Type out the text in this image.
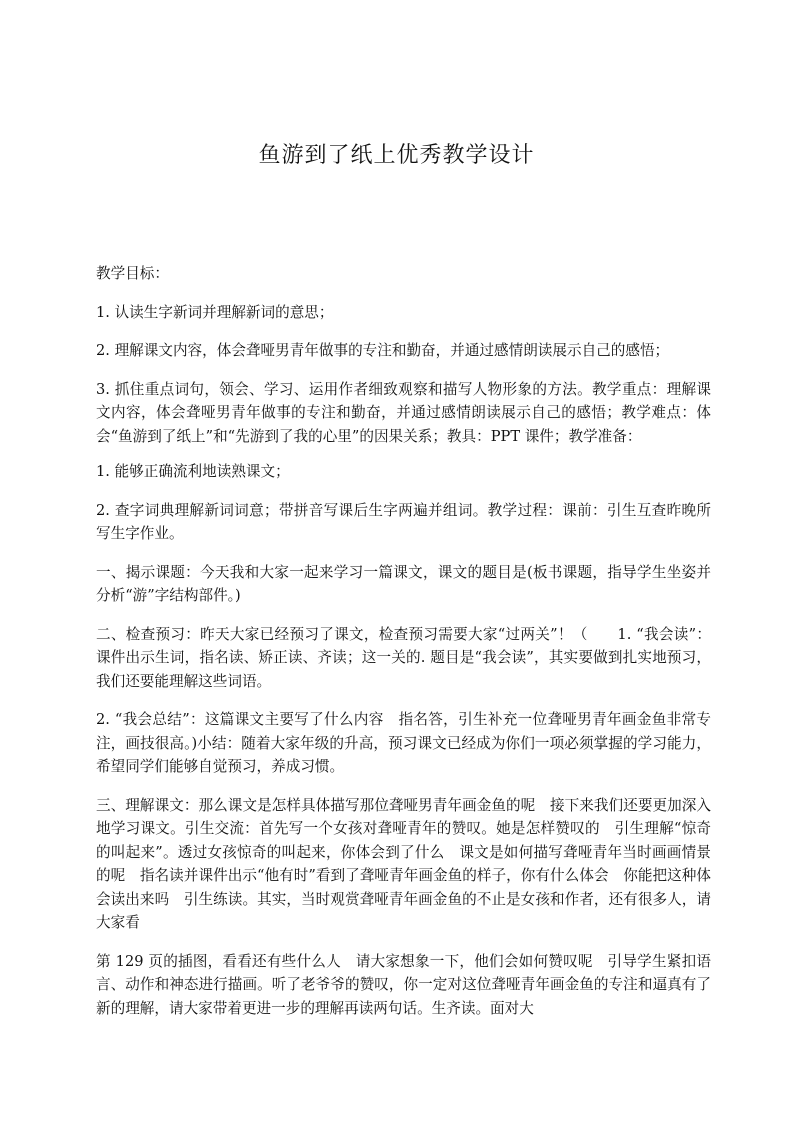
鱼游到了纸上优秀教学设计

教学目标：

1. 认读生字新词并理解新词的意思；

2. 理解课文内容，体会聋哑男青年做事的专注和勤奋，并通过感情朗读展示自己的感悟；

3. 抓住重点词句，领会、学习、运用作者细致观察和描写人物形象的方法。教学重点：理解课文内容，体会聋哑男青年做事的专注和勤奋，并通过感情朗读展示自己的感悟；教学难点：体会“鱼游到了纸上”和“先游到了我的心里”的因果关系；教具：PPT 课件；教学准备：

1. 能够正确流利地读熟课文；

2. 查字词典理解新词词意；带拼音写课后生字两遍并组词。教学过程：课前：引生互查昨晚所写生字作业。

一、揭示课题：今天我和大家一起来学习一篇课文，课文的题目是(板书课题，指导学生坐姿并分析“游”字结构部件。)

二、检查预习：昨天大家已经预习了课文，检查预习需要大家“过两关”！（　　1. “我会读”：课件出示生词，指名读、矫正读、齐读；这一关的. 题目是“我会读”，其实要做到扎实地预习，我们还要能理解这些词语。

2. “我会总结”：这篇课文主要写了什么内容　指名答，引生补充一位聋哑男青年画金鱼非常专注，画技很高。)小结：随着大家年级的升高，预习课文已经成为你们一项必须掌握的学习能力，希望同学们能够自觉预习，养成习惯。

三、理解课文：那么课文是怎样具体描写那位聋哑男青年画金鱼的呢　接下来我们还要更加深入地学习课文。引生交流：首先写一个女孩对聋哑青年的赞叹。她是怎样赞叹的　引生理解“惊奇的叫起来”。透过女孩惊奇的叫起来，你体会到了什么　课文是如何描写聋哑青年当时画画情景的呢　指名读并课件出示“他有时”看到了聋哑青年画金鱼的样子，你有什么体会　你能把这种体会读出来吗　引生练读。其实，当时观赏聋哑青年画金鱼的不止是女孩和作者，还有很多人，请大家看

第 129 页的插图，看看还有些什么人　请大家想象一下，他们会如何赞叹呢　引导学生紧扣语言、动作和神态进行描画。听了老爷爷的赞叹，你一定对这位聋哑青年画金鱼的专注和逼真有了新的理解，请大家带着更进一步的理解再读两句话。生齐读。面对大
